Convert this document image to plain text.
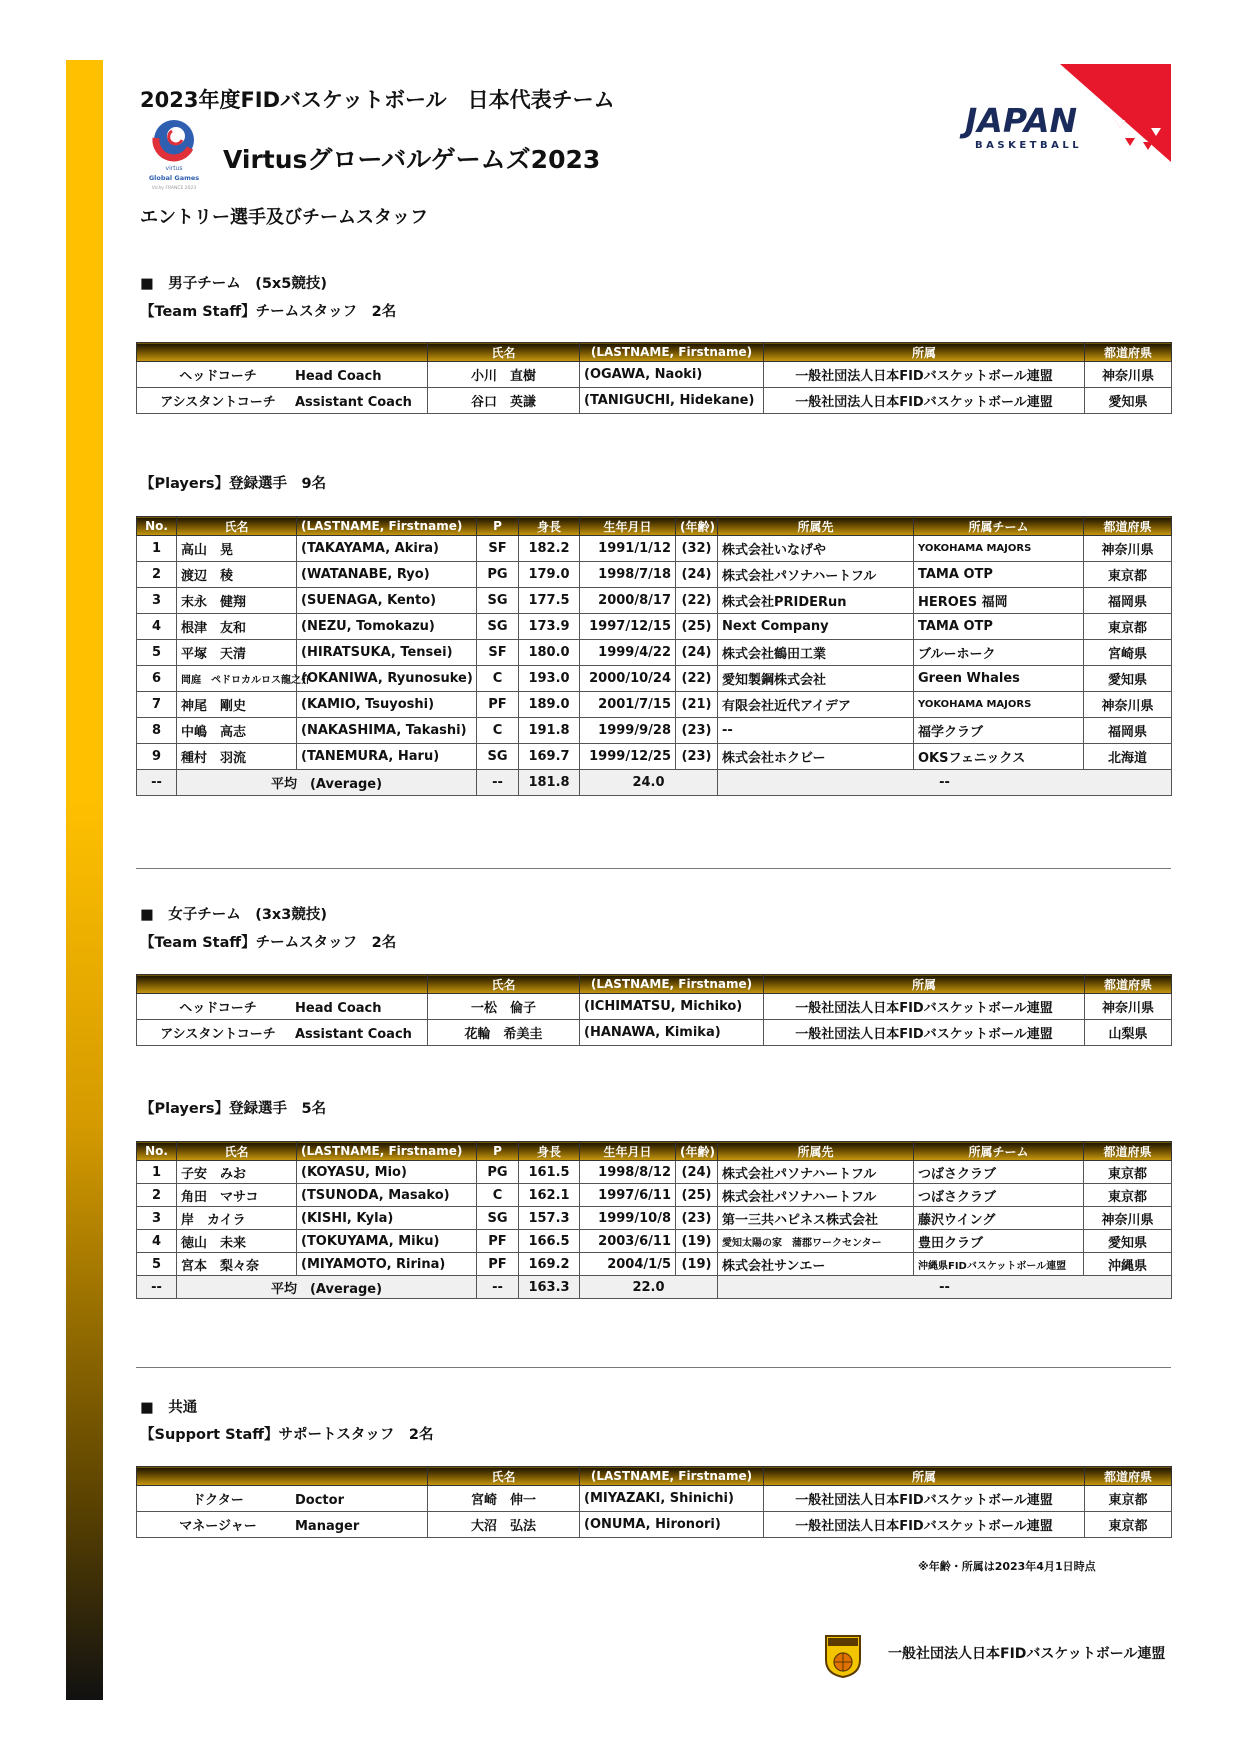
2023年度FIDバスケットボール　日本代表チーム
virtus
Global Games
Vichy FRANCE 2023
Virtusグローバルゲームズ2023
エントリー選手及びチームスタッフ
JAPAN
BASKETBALL
■　男子チーム　(5x5競技)
【Team Staff】チームスタッフ　2名
	氏名	(LASTNAME, Firstname)	所属	都道府県
ヘッドコーチ Head Coach	小川　直樹	(OGAWA, Naoki)	一般社団法人日本FIDバスケットボール連盟	神奈川県
アシスタントコーチ Assistant Coach	谷口　英謙	(TANIGUCHI, Hidekane)	一般社団法人日本FIDバスケットボール連盟	愛知県
【Players】登録選手　9名
No.	氏名	(LASTNAME, Firstname)	P	身長	生年月日	(年齢)	所属先	所属チーム	都道府県
1	高山　晃	(TAKAYAMA, Akira)	SF	182.2	1991/1/12	(32)	株式会社いなげや	YOKOHAMA MAJORS	神奈川県
2	渡辺　稜	(WATANABE, Ryo)	PG	179.0	1998/7/18	(24)	株式会社パソナハートフル	TAMA OTP	東京都
3	末永　健翔	(SUENAGA, Kento)	SG	177.5	2000/8/17	(22)	株式会社PRIDERun	HEROES 福岡	福岡県
4	根津　友和	(NEZU, Tomokazu)	SG	173.9	1997/12/15	(25)	Next Company	TAMA OTP	東京都
5	平塚　天清	(HIRATSUKA, Tensei)	SF	180.0	1999/4/22	(24)	株式会社鶴田工業	ブルーホーク	宮崎県
6	岡庭　ペドロカルロス龍之介	(OKANIWA, Ryunosuke)	C	193.0	2000/10/24	(22)	愛知製鋼株式会社	Green Whales	愛知県
7	神尾　剛史	(KAMIO, Tsuyoshi)	PF	189.0	2001/7/15	(21)	有限会社近代アイデア	YOKOHAMA MAJORS	神奈川県
8	中嶋　高志	(NAKASHIMA, Takashi)	C	191.8	1999/9/28	(23)	--	福学クラブ	福岡県
9	種村　羽流	(TANEMURA, Haru)	SG	169.7	1999/12/25	(23)	株式会社ホクビー	OKSフェニックス	北海道
--	平均　(Average)		--	181.8	24.0		--		
■　女子チーム　(3x3競技)
【Team Staff】チームスタッフ　2名
	氏名	(LASTNAME, Firstname)	所属	都道府県
ヘッドコーチ Head Coach	一松　倫子	(ICHIMATSU, Michiko)	一般社団法人日本FIDバスケットボール連盟	神奈川県
アシスタントコーチ Assistant Coach	花輪　希美圭	(HANAWA, Kimika)	一般社団法人日本FIDバスケットボール連盟	山梨県
【Players】登録選手　5名
No.	氏名	(LASTNAME, Firstname)	P	身長	生年月日	(年齢)	所属先	所属チーム	都道府県
1	子安　みお	(KOYASU, Mio)	PG	161.5	1998/8/12	(24)	株式会社パソナハートフル	つばさクラブ	東京都
2	角田　マサコ	(TSUNODA, Masako)	C	162.1	1997/6/11	(25)	株式会社パソナハートフル	つばさクラブ	東京都
3	岸　カイラ	(KISHI, Kyla)	SG	157.3	1999/10/8	(23)	第一三共ハピネス株式会社	藤沢ウイング	神奈川県
4	徳山　未来	(TOKUYAMA, Miku)	PF	166.5	2003/6/11	(19)	愛知太陽の家　蒲郡ワークセンター	豊田クラブ	愛知県
5	宮本　梨々奈	(MIYAMOTO, Ririna)	PF	169.2	2004/1/5	(19)	株式会社サンエー	沖縄県FIDバスケットボール連盟	沖縄県
--	平均　(Average)		--	163.3	22.0		--		
■　共通
【Support Staff】サポートスタッフ　2名
	氏名	(LASTNAME, Firstname)	所属	都道府県
ドクター Doctor	宮崎　伸一	(MIYAZAKI, Shinichi)	一般社団法人日本FIDバスケットボール連盟	東京都
マネージャー Manager	大沼　弘法	(ONUMA, Hironori)	一般社団法人日本FIDバスケットボール連盟	東京都
※年齢・所属は2023年4月1日時点
一般社団法人日本FIDバスケットボール連盟
